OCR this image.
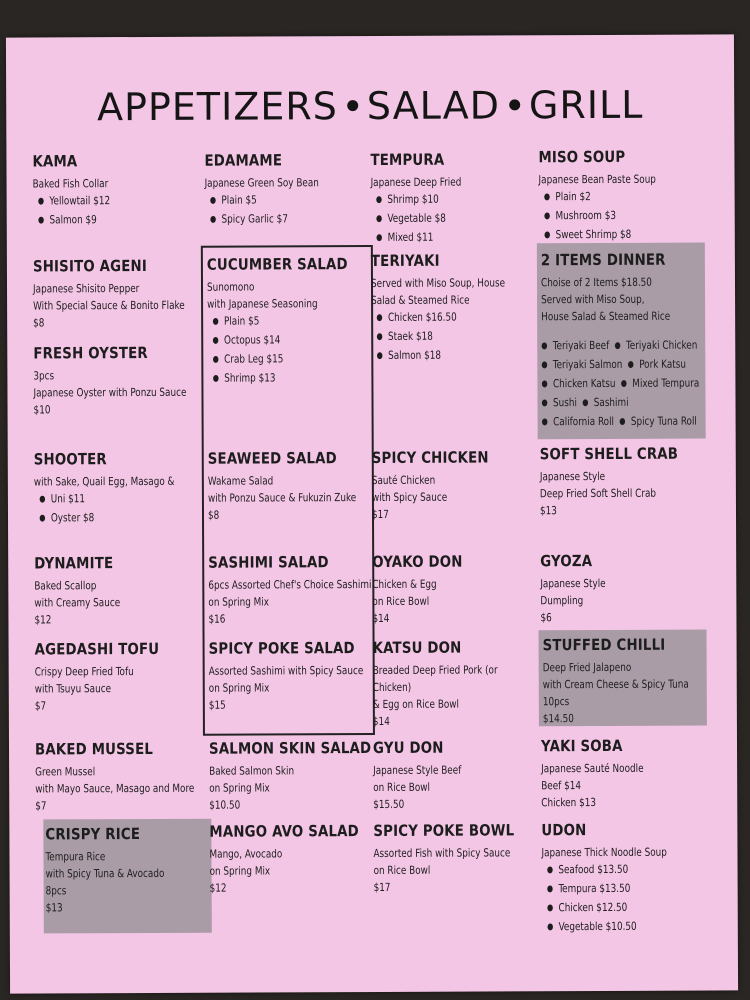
APPETIZERS SALAD GRILL
KAMA
Baked Fish Collar
● Yellowtail $12
● Salmon $9
SHISITO AGENI
Japanese Shisito Pepper
With Special Sauce & Bonito Flake
$8
FRESH OYSTER
3pcs
Japanese Oyster with Ponzu Sauce
$10
SHOOTER
with Sake, Quail Egg, Masago &
● Uni $11
● Oyster $8
DYNAMITE
Baked Scallop
with Creamy Sauce
$12
AGEDASHI TOFU
Crispy Deep Fried Tofu
with Tsuyu Sauce
$7
BAKED MUSSEL
Green Mussel
with Mayo Sauce, Masago and More
$7
CRISPY RICE
Tempura Rice
with Spicy Tuna & Avocado
8pcs
$13
EDAMAME
Japanese Green Soy Bean
● Plain $5
● Spicy Garlic $7
CUCUMBER SALAD
Sunomono
with Japanese Seasoning
● Plain $5
● Octopus $14
● Crab Leg $15
● Shrimp $13
SEAWEED SALAD
Wakame Salad
with Ponzu Sauce & Fukuzin Zuke
$8
SASHIMI SALAD
6pcs Assorted Chef's Choice Sashimi
on Spring Mix
$16
SPICY POKE SALAD
Assorted Sashimi with Spicy Sauce
on Spring Mix
$15
SALMON SKIN SALAD
Baked Salmon Skin
on Spring Mix
$10.50
MANGO AVO SALAD
Mango, Avocado
on Spring Mix
$12
TEMPURA
Japanese Deep Fried
● Shrimp $10
● Vegetable $8
● Mixed $11
TERIYAKI
Served with Miso Soup, House
Salad & Steamed Rice
● Chicken $16.50
● Staek $18
● Salmon $18
SPICY CHICKEN
Sauté Chicken
with Spicy Sauce
$17
OYAKO DON
Chicken & Egg
on Rice Bowl
$14
KATSU DON
Breaded Deep Fried Pork (or
Chicken)
& Egg on Rice Bowl
$14
GYU DON
Japanese Style Beef
on Rice Bowl
$15.50
SPICY POKE BOWL
Assorted Fish with Spicy Sauce
on Rice Bowl
$17
MISO SOUP
Japanese Bean Paste Soup
● Plain $2
● Mushroom $3
● Sweet Shrimp $8
2 ITEMS DINNER
Choise of 2 Items $18.50
Served with Miso Soup,
House Salad & Steamed Rice
● Teriyaki Beef ● Teriyaki Chicken
● Teriyaki Salmon ● Pork Katsu
● Chicken Katsu ● Mixed Tempura
● Sushi ● Sashimi
● California Roll ● Spicy Tuna Roll
SOFT SHELL CRAB
Japanese Style
Deep Fried Soft Shell Crab
$13
GYOZA
Japanese Style
Dumpling
$6
STUFFED CHILLI
Deep Fried Jalapeno
with Cream Cheese & Spicy Tuna
10pcs
$14.50
YAKI SOBA
Japanese Sauté Noodle
Beef $14
Chicken $13
UDON
Japanese Thick Noodle Soup
● Seafood $13.50
● Tempura $13.50
● Chicken $12.50
● Vegetable $10.50
